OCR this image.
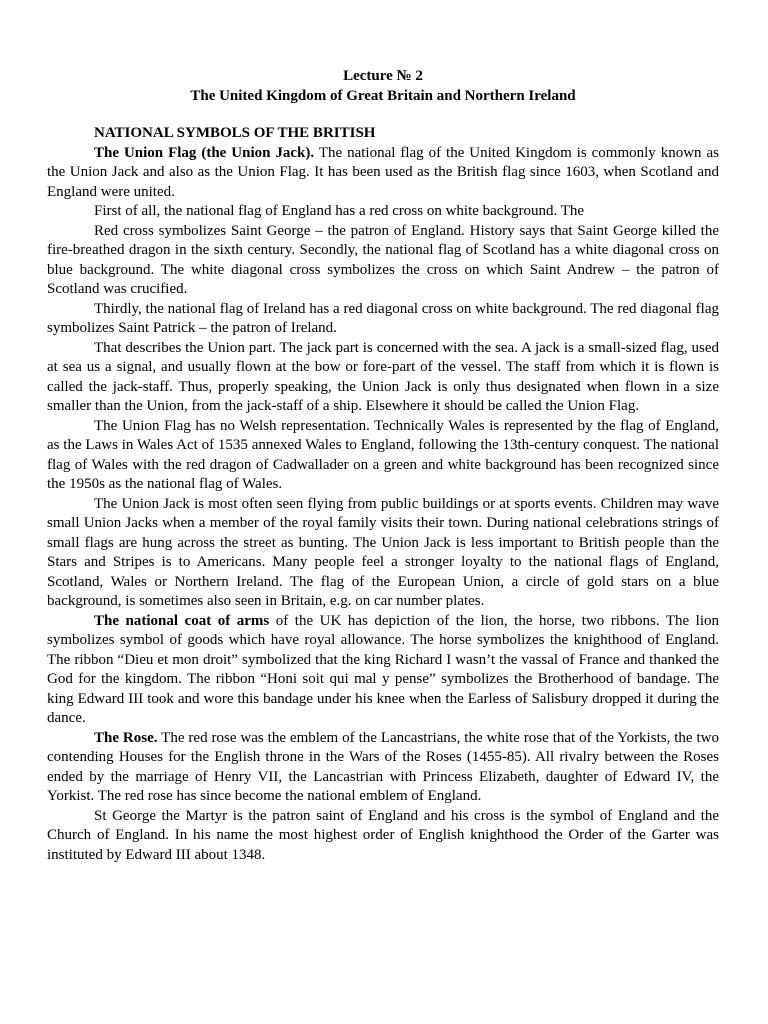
Lecture № 2
The United Kingdom of Great Britain and Northern Ireland
NATIONAL SYMBOLS OF THE BRITISH

The Union Flag (the Union Jack). The national flag of the United Kingdom is commonly known as the Union Jack and also as the Union Flag. It has been used as the British flag since 1603, when Scotland and England were united.

First of all, the national flag of England has a red cross on white background. The

Red cross symbolizes Saint George – the patron of England. History says that Saint George killed the fire-breathed dragon in the sixth century. Secondly, the national flag of Scotland has a white diagonal cross on blue background. The white diagonal cross symbolizes the cross on which Saint Andrew – the patron of Scotland was crucified.

Thirdly, the national flag of Ireland has a red diagonal cross on white background. The red diagonal flag symbolizes Saint Patrick – the patron of Ireland.

That describes the Union part. The jack part is concerned with the sea. A jack is a small-sized flag, used at sea us a signal, and usually flown at the bow or fore-part of the vessel. The staff from which it is flown is called the jack-staff. Thus, properly speaking, the Union Jack is only thus designated when flown in a size smaller than the Union, from the jack-staff of a ship. Elsewhere it should be called the Union Flag.

The Union Flag has no Welsh representation. Technically Wales is represented by the flag of England, as the Laws in Wales Act of 1535 annexed Wales to England, following the 13th-century conquest. The national flag of Wales with the red dragon of Cadwallader on a green and white background has been recognized since the 1950s as the national flag of Wales.

The Union Jack is most often seen flying from public buildings or at sports events. Children may wave small Union Jacks when a member of the royal family visits their town. During national celebrations strings of small flags are hung across the street as bunting. The Union Jack is less important to British people than the Stars and Stripes is to Americans. Many people feel a stronger loyalty to the national flags of England, Scotland, Wales or Northern Ireland. The flag of the European Union, a circle of gold stars on a blue background, is sometimes also seen in Britain, e.g. on car number plates.

The national coat of arms of the UK has depiction of the lion, the horse, two ribbons. The lion symbolizes symbol of goods which have royal allowance. The horse symbolizes the knighthood of England. The ribbon “Dieu et mon droit” symbolized that the king Richard I wasn’t the vassal of France and thanked the God for the kingdom. The ribbon “Honi soit qui mal y pense” symbolizes the Brotherhood of bandage. The king Edward III took and wore this bandage under his knee when the Earless of Salisbury dropped it during the dance.

The Rose. The red rose was the emblem of the Lancastrians, the white rose that of the Yorkists, the two contending Houses for the English throne in the Wars of the Roses (1455-85). All rivalry between the Roses ended by the marriage of Henry VII, the Lancastrian with Princess Elizabeth, daughter of Edward IV, the Yorkist. The red rose has since become the national emblem of England.

St George the Martyr is the patron saint of England and his cross is the symbol of England and the Church of England. In his name the most highest order of English knighthood the Order of the Garter was instituted by Edward III about 1348.
